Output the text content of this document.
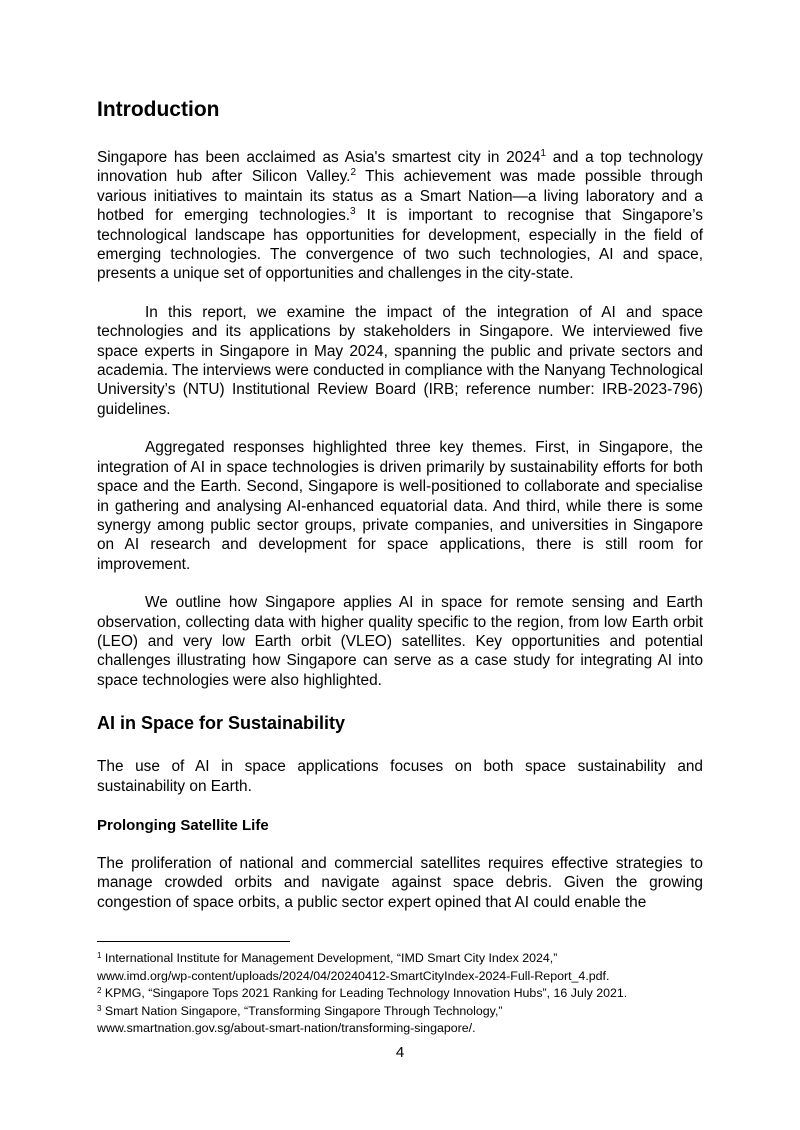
Introduction

Singapore has been acclaimed as Asia's smartest city in 2024$^1$ and a top technology innovation hub after Silicon Valley.$^2$ This achievement was made possible through various initiatives to maintain its status as a Smart Nation—a living laboratory and a hotbed for emerging technologies.$^3$ It is important to recognise that Singapore’s technological landscape has opportunities for development, especially in the field of emerging technologies. The convergence of two such technologies, AI and space, presents a unique set of opportunities and challenges in the city-state.

In this report, we examine the impact of the integration of AI and space technologies and its applications by stakeholders in Singapore. We interviewed five space experts in Singapore in May 2024, spanning the public and private sectors and academia. The interviews were conducted in compliance with the Nanyang Technological University’s (NTU) Institutional Review Board (IRB; reference number: IRB-2023-796) guidelines.

Aggregated responses highlighted three key themes. First, in Singapore, the integration of AI in space technologies is driven primarily by sustainability efforts for both space and the Earth. Second, Singapore is well-positioned to collaborate and specialise in gathering and analysing AI-enhanced equatorial data. And third, while there is some synergy among public sector groups, private companies, and universities in Singapore on AI research and development for space applications, there is still room for improvement.

We outline how Singapore applies AI in space for remote sensing and Earth observation, collecting data with higher quality specific to the region, from low Earth orbit (LEO) and very low Earth orbit (VLEO) satellites. Key opportunities and potential challenges illustrating how Singapore can serve as a case study for integrating AI into space technologies were also highlighted.

AI in Space for Sustainability

The use of AI in space applications focuses on both space sustainability and sustainability on Earth.

Prolonging Satellite Life

The proliferation of national and commercial satellites requires effective strategies to manage crowded orbits and navigate against space debris. Given the growing congestion of space orbits, a public sector expert opined that AI could enable the

$^1$ International Institute for Management Development, “IMD Smart City Index 2024,”
www.imd.org/wp-content/uploads/2024/04/20240412-SmartCityIndex-2024-Full-Report_4.pdf.
$^2$ KPMG, “Singapore Tops 2021 Ranking for Leading Technology Innovation Hubs”, 16 July 2021.
$^3$ Smart Nation Singapore, “Transforming Singapore Through Technology,”
www.smartnation.gov.sg/about-smart-nation/transforming-singapore/.
4
